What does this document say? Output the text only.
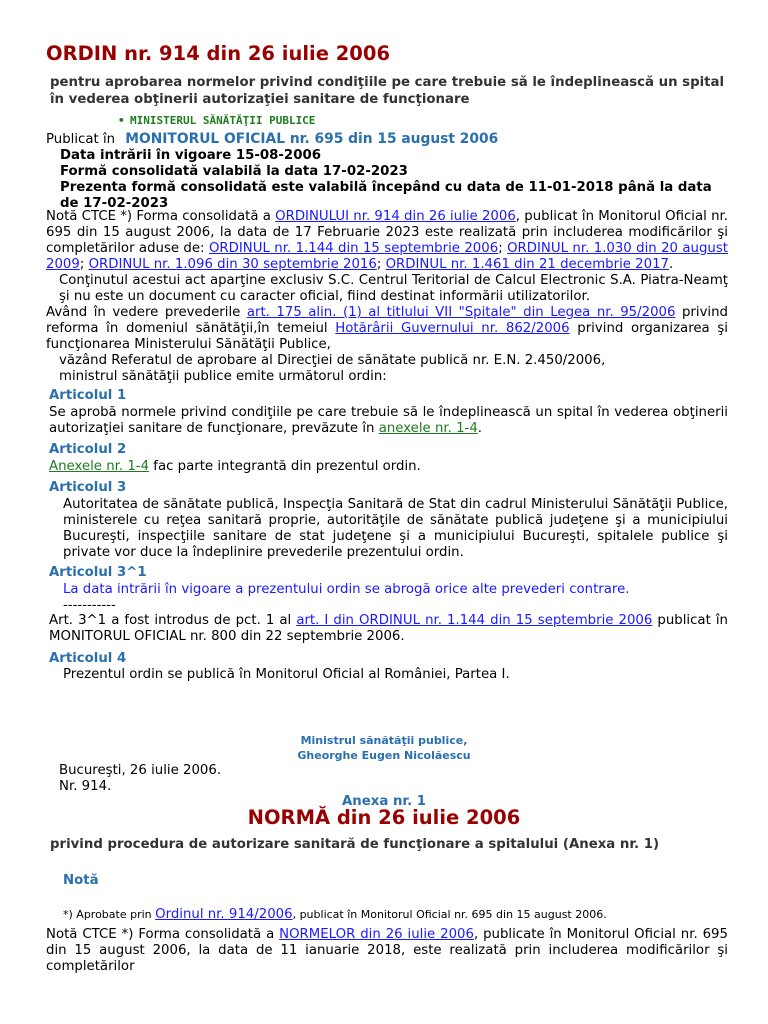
ORDIN nr. 914 din 26 iulie 2006
pentru aprobarea normelor privind condiţiile pe care trebuie să le îndeplinească un spital în vederea obţinerii autorizaţiei sanitare de funcţionare
• MINISTERUL SĂNĂTĂŢII PUBLICE
Publicat în MONITORUL OFICIAL nr. 695 din 15 august 2006
Data intrării în vigoare 15-08-2006
Formă consolidată valabilă la data 17-02-2023
Prezenta formă consolidată este valabilă începând cu data de 11-01-2018 până la data de 17-02-2023
Notă CTCE *) Forma consolidată a ORDINULUI nr. 914 din 26 iulie 2006, publicat în Monitorul Oficial nr. 695 din 15 august 2006, la data de 17 Februarie 2023 este realizată prin includerea modificărilor şi completărilor aduse de: ORDINUL nr. 1.144 din 15 septembrie 2006; ORDINUL nr. 1.030 din 20 august 2009; ORDINUL nr. 1.096 din 30 septembrie 2016; ORDINUL nr. 1.461 din 21 decembrie 2017.
Conţinutul acestui act aparţine exclusiv S.C. Centrul Teritorial de Calcul Electronic S.A. Piatra-Neamţ şi nu este un document cu caracter oficial, fiind destinat informării utilizatorilor.
Având în vedere prevederile art. 175 alin. (1) al titlului VII "Spitale" din Legea nr. 95/2006 privind reforma în domeniul sănătăţii,în temeiul Hotărârii Guvernului nr. 862/2006 privind organizarea şi funcţionarea Ministerului Sănătăţii Publice,
văzând Referatul de aprobare al Direcţiei de sănătate publică nr. E.N. 2.450/2006,
ministrul sănătăţii publice emite următorul ordin:
Articolul 1
Se aprobă normele privind condiţiile pe care trebuie să le îndeplinească un spital în vederea obţinerii autorizaţiei sanitare de funcţionare, prevăzute în anexele nr. 1-4.
Articolul 2
Anexele nr. 1-4 fac parte integrantă din prezentul ordin.
Articolul 3
Autoritatea de sănătate publică, Inspecţia Sanitară de Stat din cadrul Ministerului Sănătăţii Publice, ministerele cu reţea sanitară proprie, autorităţile de sănătate publică judeţene şi a municipiului Bucureşti, inspecţiile sanitare de stat judeţene şi a municipiului Bucureşti, spitalele publice şi private vor duce la îndeplinire prevederile prezentului ordin.
Articolul 3^1
La data intrării în vigoare a prezentului ordin se abrogă orice alte prevederi contrare.
-----------
Art. 3^1 a fost introdus de pct. 1 al art. I din ORDINUL nr. 1.144 din 15 septembrie 2006 publicat în MONITORUL OFICIAL nr. 800 din 22 septembrie 2006.
Articolul 4
Prezentul ordin se publică în Monitorul Oficial al României, Partea I.
Ministrul sănătăţii publice,
Gheorghe Eugen Nicolăescu
Bucureşti, 26 iulie 2006.
Nr. 914.
Anexa nr. 1
NORMĂ din 26 iulie 2006
privind procedura de autorizare sanitară de funcţionare a spitalului (Anexa nr. 1)
Notă
*) Aprobate prin Ordinul nr. 914/2006, publicat în Monitorul Oficial nr. 695 din 15 august 2006.
Notă CTCE *) Forma consolidată a NORMELOR din 26 iulie 2006, publicate în Monitorul Oficial nr. 695 din 15 august 2006, la data de 11 ianuarie 2018, este realizată prin includerea modificărilor şi completărilor
